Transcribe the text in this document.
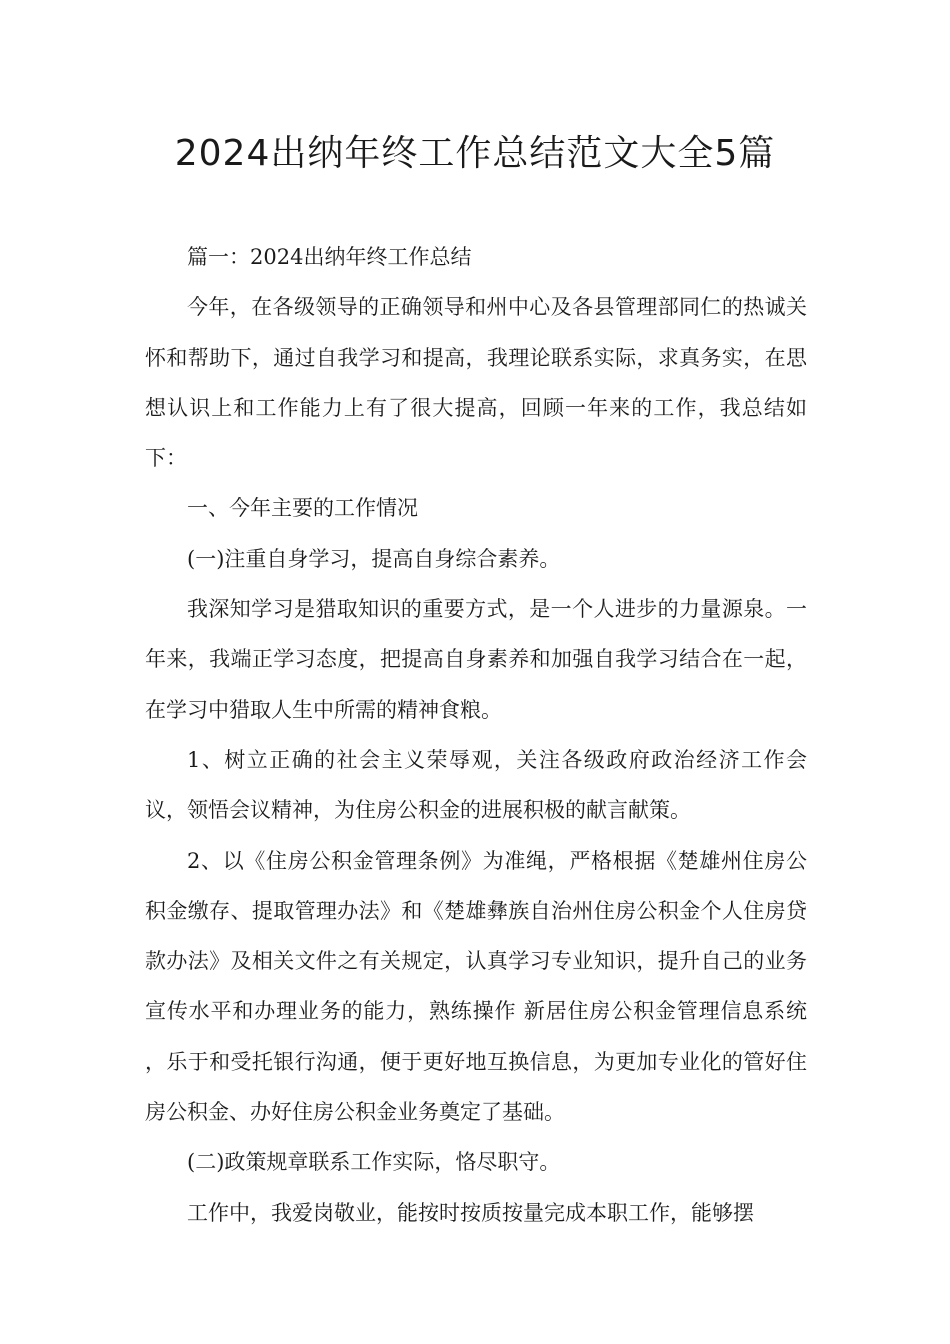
2024出纳年终工作总结范文大全5篇

篇一：2024出纳年终工作总结

今年，在各级领导的正确领导和州中心及各县管理部同仁的热诚关怀和帮助下，通过自我学习和提高，我理论联系实际，求真务实，在思想认识上和工作能力上有了很大提高，回顾一年来的工作，我总结如下：

一、今年主要的工作情况

(一)注重自身学习，提高自身综合素养。

我深知学习是猎取知识的重要方式，是一个人进步的力量源泉。一年来，我端正学习态度，把提高自身素养和加强自我学习结合在一起，在学习中猎取人生中所需的精神食粮。

1、树立正确的社会主义荣辱观，关注各级政府政治经济工作会议，领悟会议精神，为住房公积金的进展积极的献言献策。

2、以《住房公积金管理条例》为准绳，严格根据《楚雄州住房公积金缴存、提取管理办法》和《楚雄彝族自治州住房公积金个人住房贷款办法》及相关文件之有关规定，认真学习专业知识，提升自己的业务宣传水平和办理业务的能力，熟练操作 新居住房公积金管理信息系统 ，乐于和受托银行沟通，便于更好地互换信息，为更加专业化的管好住房公积金、办好住房公积金业务奠定了基础。

(二)政策规章联系工作实际，恪尽职守。

工作中，我爱岗敬业，能按时按质按量完成本职工作，能够摆
